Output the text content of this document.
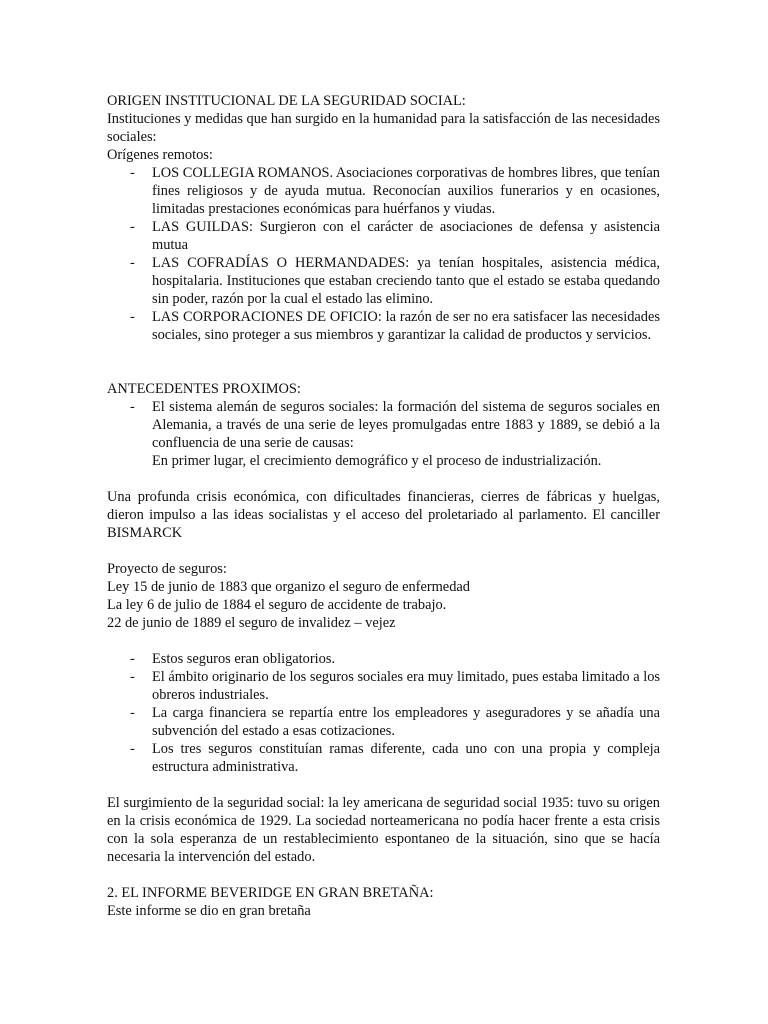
ORIGEN INSTITUCIONAL DE LA SEGURIDAD SOCIAL:

Instituciones y medidas que han surgido en la humanidad para la satisfacción de las necesidades sociales:

Orígenes remotos:

- LOS COLLEGIA ROMANOS. Asociaciones corporativas de hombres libres, que tenían fines religiosos y de ayuda mutua. Reconocían auxilios funerarios y en ocasiones, limitadas prestaciones económicas para huérfanos y viudas.
- LAS GUILDAS: Surgieron con el carácter de asociaciones de defensa y asistencia mutua
- LAS COFRADÍAS O HERMANDADES: ya tenían hospitales, asistencia médica, hospitalaria. Instituciones que estaban creciendo tanto que el estado se estaba quedando sin poder, razón por la cual el estado las elimino.
- LAS CORPORACIONES DE OFICIO: la razón de ser no era satisfacer las necesidades sociales, sino proteger a sus miembros y garantizar la calidad de productos y servicios.

ANTECEDENTES PROXIMOS:

- El sistema alemán de seguros sociales: la formación del sistema de seguros sociales en Alemania, a través de una serie de leyes promulgadas entre 1883 y 1889, se debió a la confluencia de una serie de causas:

En primer lugar, el crecimiento demográfico y el proceso de industrialización.

Una profunda crisis económica, con dificultades financieras, cierres de fábricas y huelgas, dieron impulso a las ideas socialistas y el acceso del proletariado al parlamento. El canciller BISMARCK

Proyecto de seguros:

Ley 15 de junio de 1883 que organizo el seguro de enfermedad

La ley 6 de julio de 1884 el seguro de accidente de trabajo.

22 de junio de 1889 el seguro de invalidez – vejez

- Estos seguros eran obligatorios.
- El ámbito originario de los seguros sociales era muy limitado, pues estaba limitado a los obreros industriales.
- La carga financiera se repartía entre los empleadores y aseguradores y se añadía una subvención del estado a esas cotizaciones.
- Los tres seguros constituían ramas diferente, cada uno con una propia y compleja estructura administrativa.

El surgimiento de la seguridad social: la ley americana de seguridad social 1935: tuvo su origen en la crisis económica de 1929. La sociedad norteamericana no podía hacer frente a esta crisis con la sola esperanza de un restablecimiento espontaneo de la situación, sino que se hacía necesaria la intervención del estado.

2. EL INFORME BEVERIDGE EN GRAN BRETAÑA:

Este informe se dio en gran bretaña
